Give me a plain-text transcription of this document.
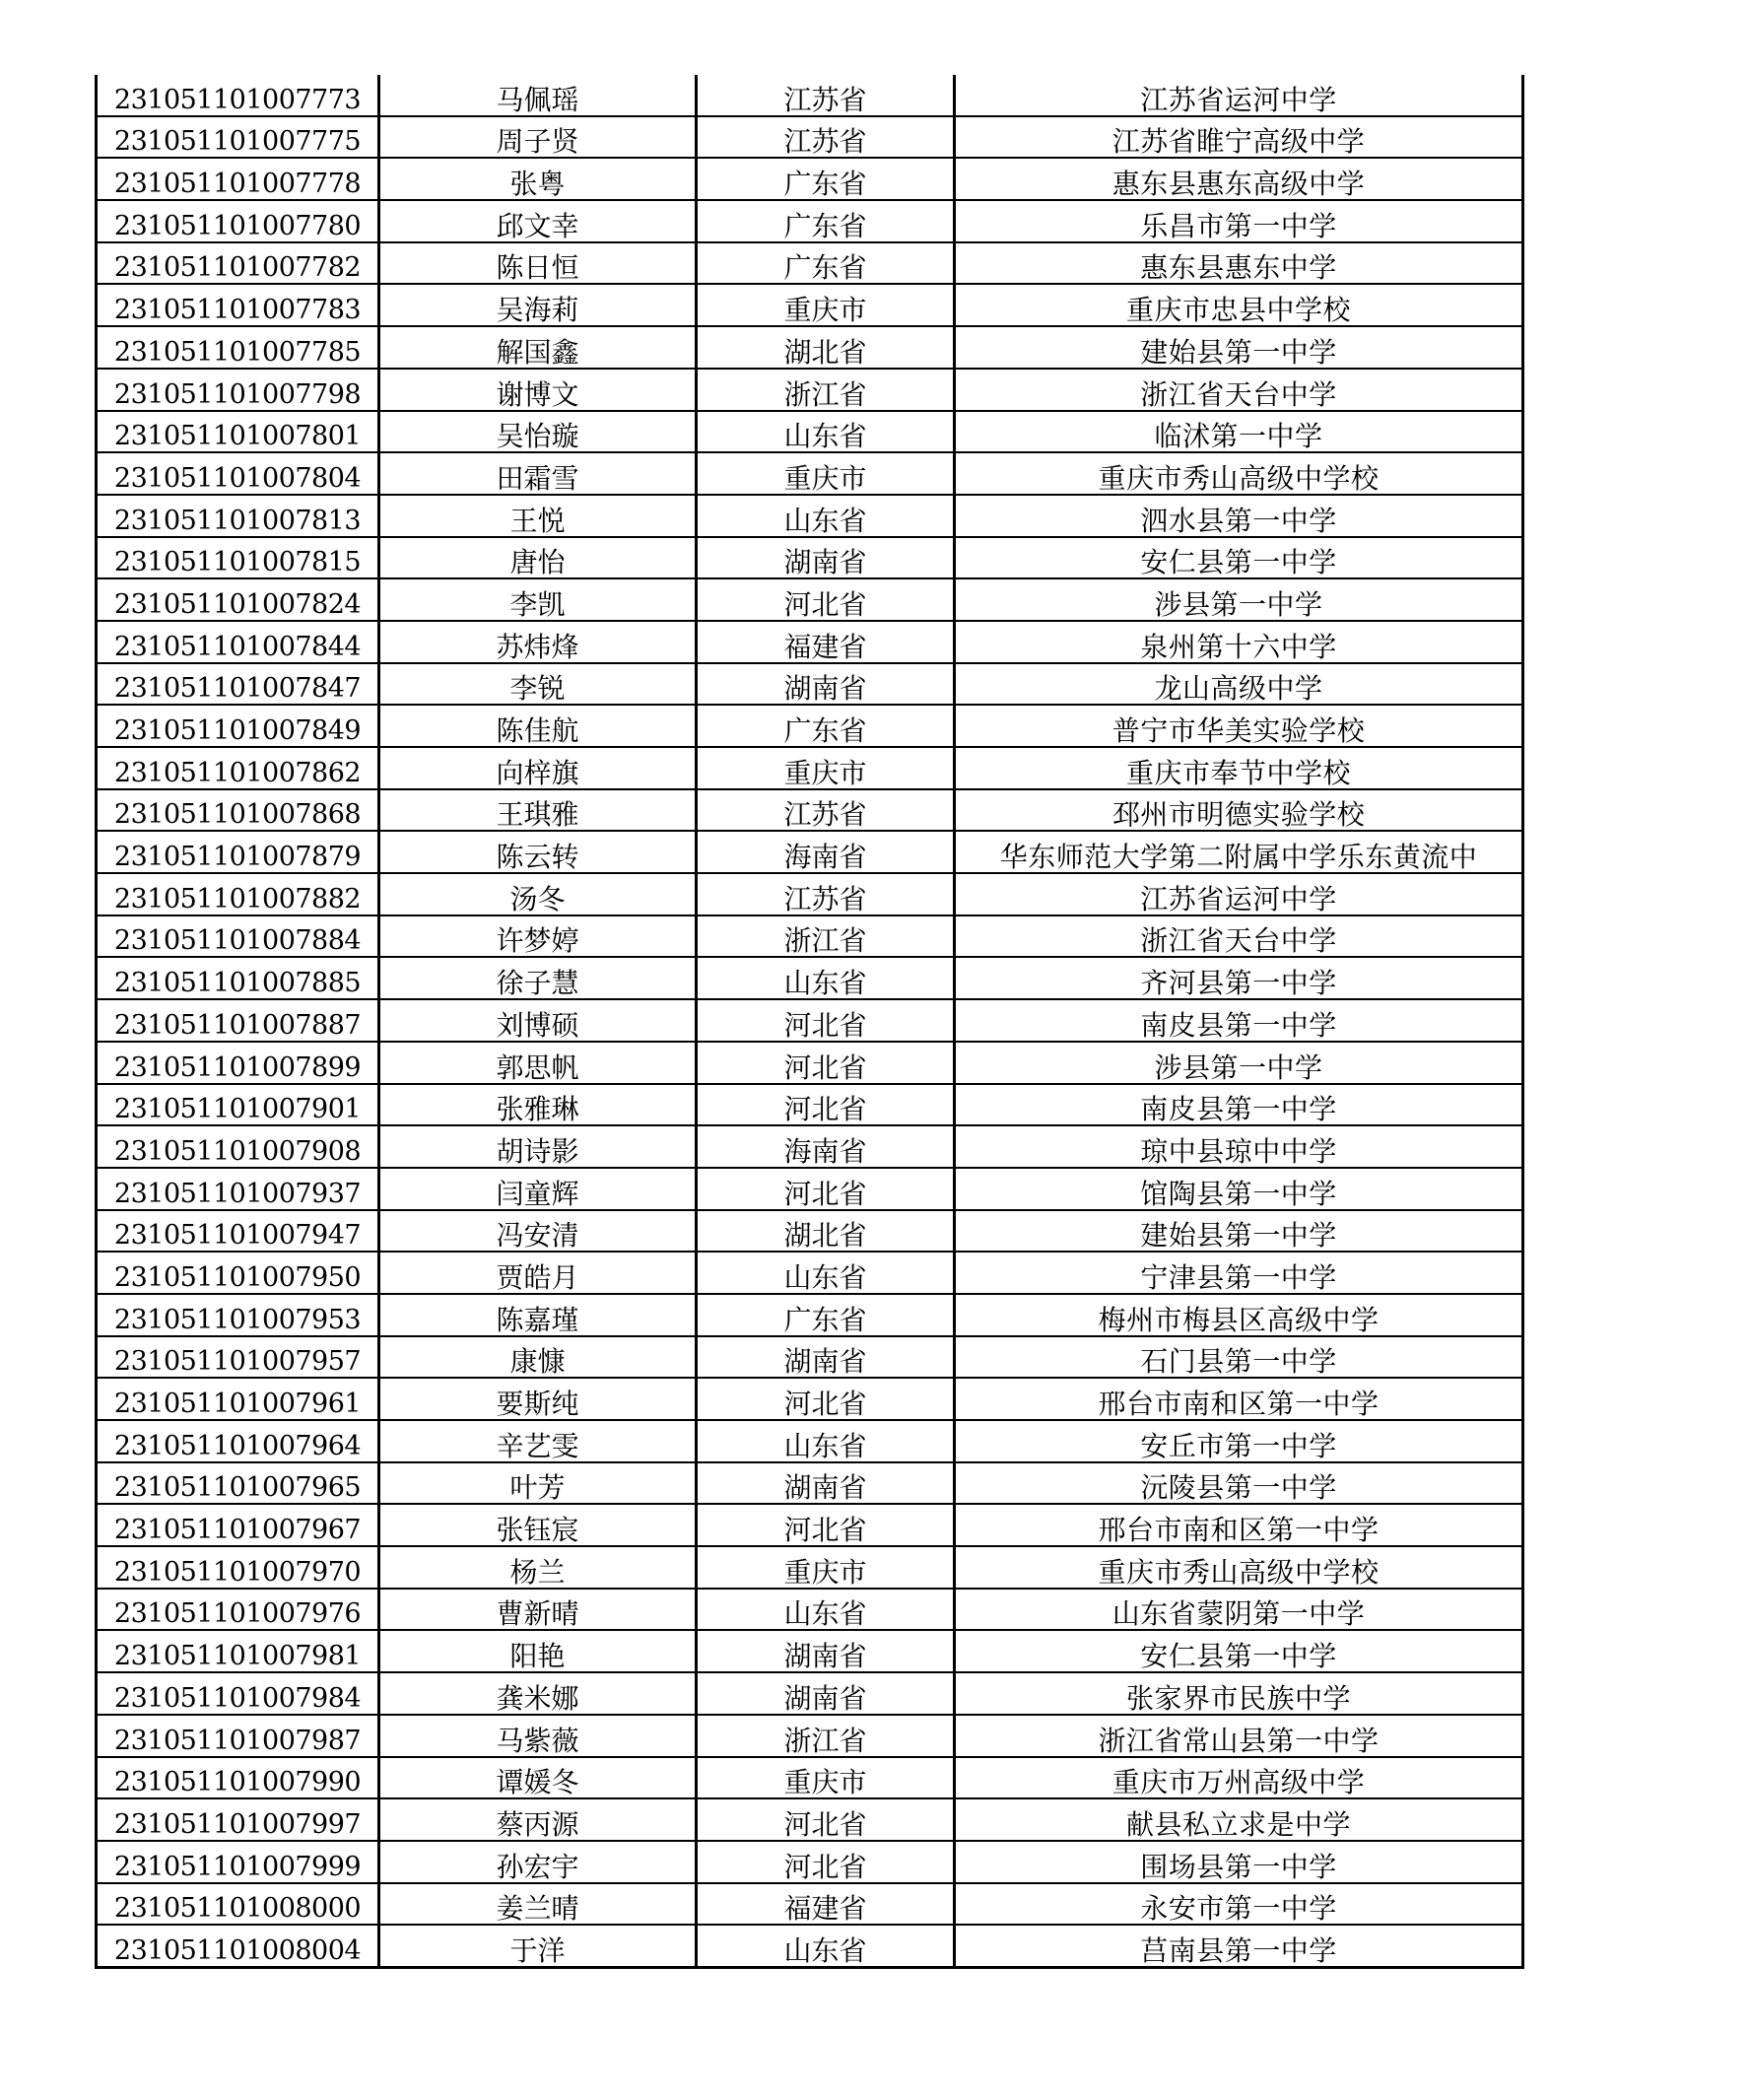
231051101007773	马佩瑶	江苏省	江苏省运河中学
231051101007775	周子贤	江苏省	江苏省睢宁高级中学
231051101007778	张粤	广东省	惠东县惠东高级中学
231051101007780	邱文幸	广东省	乐昌市第一中学
231051101007782	陈日恒	广东省	惠东县惠东中学
231051101007783	吴海莉	重庆市	重庆市忠县中学校
231051101007785	解国鑫	湖北省	建始县第一中学
231051101007798	谢博文	浙江省	浙江省天台中学
231051101007801	吴怡璇	山东省	临沭第一中学
231051101007804	田霜雪	重庆市	重庆市秀山高级中学校
231051101007813	王悦	山东省	泗水县第一中学
231051101007815	唐怡	湖南省	安仁县第一中学
231051101007824	李凯	河北省	涉县第一中学
231051101007844	苏炜烽	福建省	泉州第十六中学
231051101007847	李锐	湖南省	龙山高级中学
231051101007849	陈佳航	广东省	普宁市华美实验学校
231051101007862	向梓旗	重庆市	重庆市奉节中学校
231051101007868	王琪雅	江苏省	邳州市明德实验学校
231051101007879	陈云转	海南省	华东师范大学第二附属中学乐东黄流中
231051101007882	汤冬	江苏省	江苏省运河中学
231051101007884	许梦婷	浙江省	浙江省天台中学
231051101007885	徐子慧	山东省	齐河县第一中学
231051101007887	刘博硕	河北省	南皮县第一中学
231051101007899	郭思帆	河北省	涉县第一中学
231051101007901	张雅琳	河北省	南皮县第一中学
231051101007908	胡诗影	海南省	琼中县琼中中学
231051101007937	闫童辉	河北省	馆陶县第一中学
231051101007947	冯安清	湖北省	建始县第一中学
231051101007950	贾皓月	山东省	宁津县第一中学
231051101007953	陈嘉瑾	广东省	梅州市梅县区高级中学
231051101007957	康慷	湖南省	石门县第一中学
231051101007961	要斯纯	河北省	邢台市南和区第一中学
231051101007964	辛艺雯	山东省	安丘市第一中学
231051101007965	叶芳	湖南省	沅陵县第一中学
231051101007967	张钰宸	河北省	邢台市南和区第一中学
231051101007970	杨兰	重庆市	重庆市秀山高级中学校
231051101007976	曹新晴	山东省	山东省蒙阴第一中学
231051101007981	阳艳	湖南省	安仁县第一中学
231051101007984	龚米娜	湖南省	张家界市民族中学
231051101007987	马紫薇	浙江省	浙江省常山县第一中学
231051101007990	谭媛冬	重庆市	重庆市万州高级中学
231051101007997	蔡丙源	河北省	献县私立求是中学
231051101007999	孙宏宇	河北省	围场县第一中学
231051101008000	姜兰晴	福建省	永安市第一中学
231051101008004	于洋	山东省	莒南县第一中学
